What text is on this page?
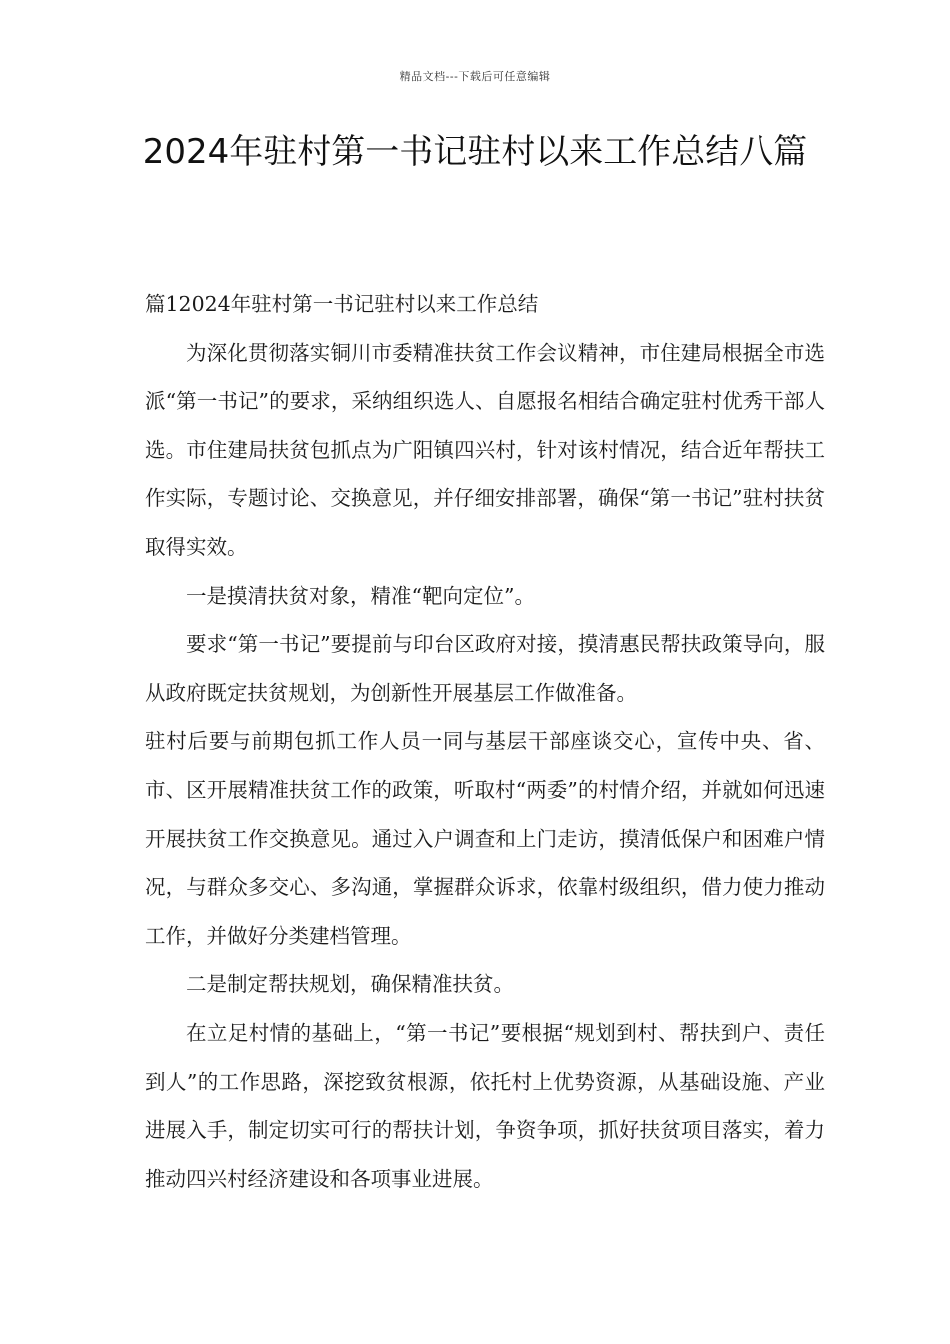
精品文档---下载后可任意编辑
2024年驻村第一书记驻村以来工作总结八篇

篇12024年驻村第一书记驻村以来工作总结

为深化贯彻落实铜川市委精准扶贫工作会议精神，市住建局根据全市选派“第一书记”的要求，采纳组织选人、自愿报名相结合确定驻村优秀干部人选。市住建局扶贫包抓点为广阳镇四兴村，针对该村情况，结合近年帮扶工作实际，专题讨论、交换意见，并仔细安排部署，确保“第一书记”驻村扶贫取得实效。

一是摸清扶贫对象，精准“靶向定位”。

要求“第一书记”要提前与印台区政府对接，摸清惠民帮扶政策导向，服从政府既定扶贫规划，为创新性开展基层工作做准备。

驻村后要与前期包抓工作人员一同与基层干部座谈交心，宣传中央、省、市、区开展精准扶贫工作的政策，听取村“两委”的村情介绍，并就如何迅速开展扶贫工作交换意见。通过入户调查和上门走访，摸清低保户和困难户情况，与群众多交心、多沟通，掌握群众诉求，依靠村级组织，借力使力推动工作，并做好分类建档管理。

二是制定帮扶规划，确保精准扶贫。

在立足村情的基础上，“第一书记”要根据“规划到村、帮扶到户、责任到人”的工作思路，深挖致贫根源，依托村上优势资源，从基础设施、产业进展入手，制定切实可行的帮扶计划，争资争项，抓好扶贫项目落实，着力推动四兴村经济建设和各项事业进展。
